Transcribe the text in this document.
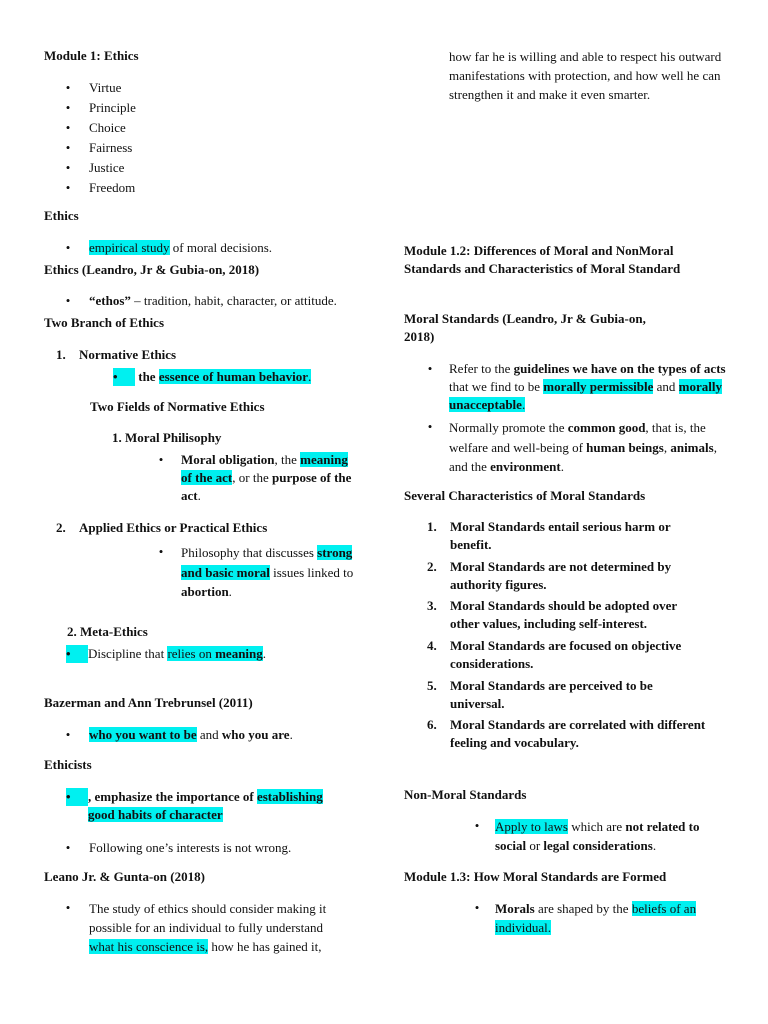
Module 1: Ethics
• Virtue
• Principle
• Choice
• Fairness
• Justice
• Freedom
Ethics
• empirical study of moral decisions.
Ethics (Leandro, Jr & Gubia-on, 2018)
• “ethos” – tradition, habit, character, or attitude.
Two Branch of Ethics
1. Normative Ethics
• the essence of human behavior.
Two Fields of Normative Ethics
1. Moral Philisophy
• Moral obligation, the meaning of the act, or the purpose of the act.
2. Applied Ethics or Practical Ethics
• Philosophy that discusses strong and basic moral issues linked to abortion.
2. Meta-Ethics
• Discipline that relies on meaning.
Bazerman and Ann Trebrunsel (2011)
• who you want to be and who you are.
Ethicists
•	, emphasize the importance of establishing good habits of character
• Following one’s interests is not wrong.
Leano Jr. & Gunta-on (2018)
• The study of ethics should consider making it possible for an individual to fully understand what his conscience is, how he has gained it,
how far he is willing and able to respect his outward manifestations with protection, and how well he can strengthen it and make it even smarter.
Module 1.2: Differences of Moral and NonMoral Standards and Characteristics of Moral Standard
Moral Standards (Leandro, Jr & Gubia-on, 2018)
• Refer to the guidelines we have on the types of acts that we find to be morally permissible and morally unacceptable.
• Normally promote the common good, that is, the welfare and well-being of human beings, animals, and the environment.
Several Characteristics of Moral Standards
1. Moral Standards entail serious harm or benefit.
2. Moral Standards are not determined by authority figures.
3. Moral Standards should be adopted over other values, including self-interest.
4. Moral Standards are focused on objective considerations.
5. Moral Standards are perceived to be universal.
6. Moral Standards are correlated with different feeling and vocabulary.
Non-Moral Standards
• Apply to laws which are not related to social or legal considerations.
Module 1.3: How Moral Standards are Formed
• Morals are shaped by the beliefs of an individual.
